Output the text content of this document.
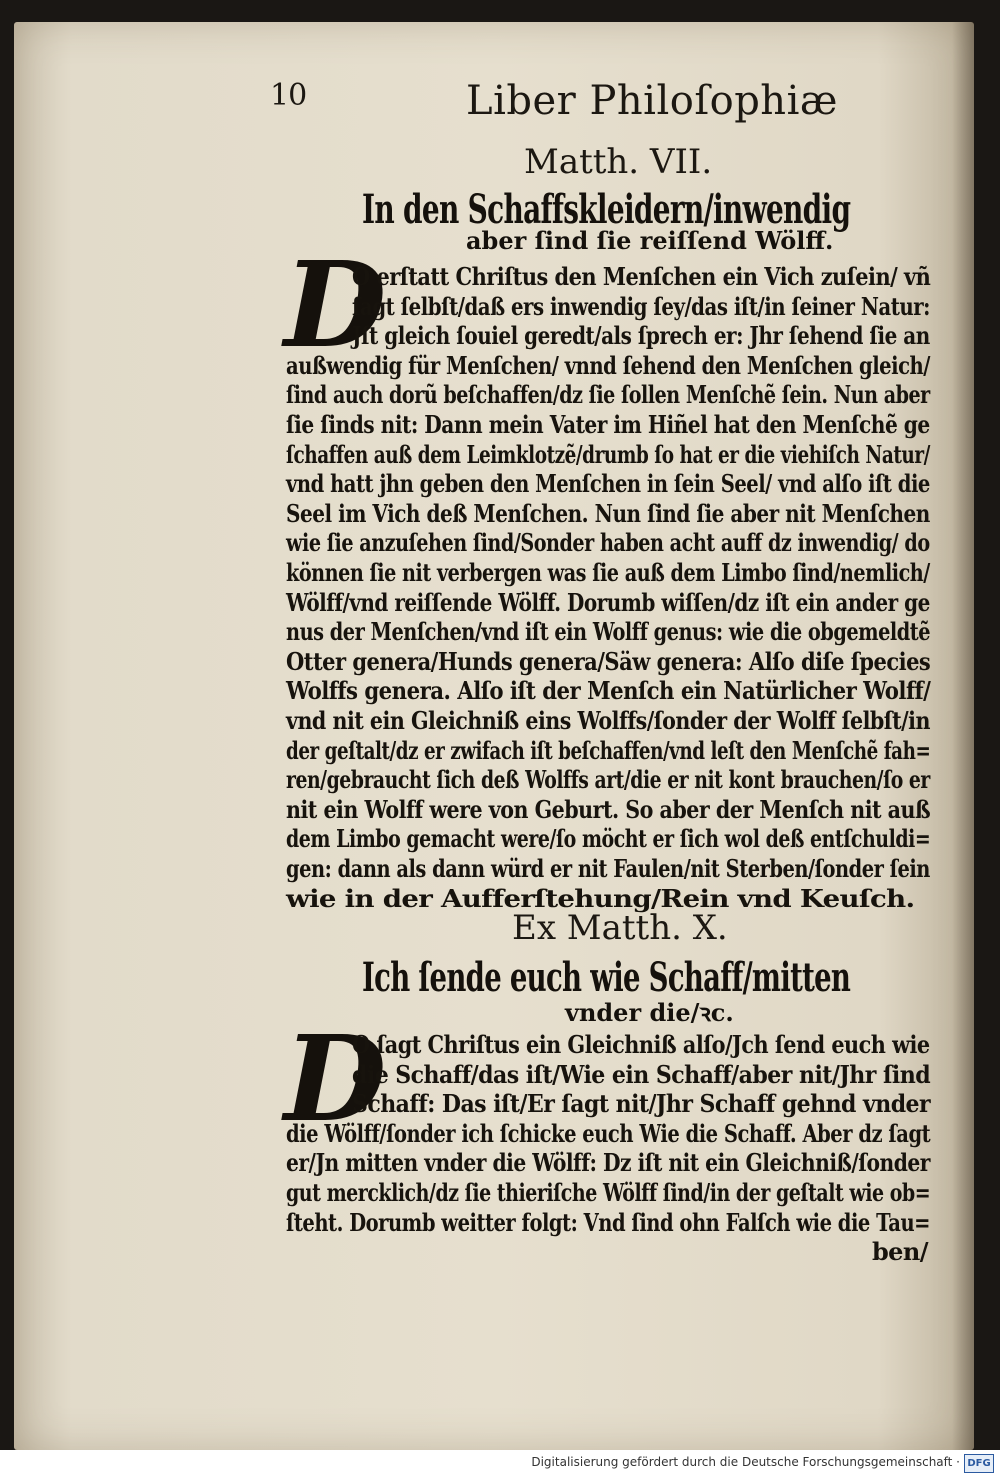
10	Liber Philoſophiæ
Matth. VII.
In den Schaffskleidern/inwendig
aber ſind ſie reiſſend Wölff.
D
O erſtatt Chriſtus den Menſchen ein Vich zuſein/ vñ
ſagt ſelbſt/daß ers inwendig ſey/das iſt/in ſeiner Natur:
Jſt gleich ſouiel geredt/als ſprech er: Jhr ſehend ſie an
außwendig für Menſchen/ vnnd ſehend den Menſchen gleich/
ſind auch dorũ beſchaffen/dz ſie ſollen Menſchẽ ſein. Nun aber
ſie ſinds nit: Dann mein Vater im Hiñel hat den Menſchẽ ge
ſchaffen auß dem Leimklotzẽ/drumb ſo hat er die viehiſch Natur/
vnd hatt jhn geben den Menſchen in ſein Seel/ vnd alſo iſt die
Seel im Vich deß Menſchen. Nun ſind ſie aber nit Menſchen
wie ſie anzuſehen ſind/Sonder haben acht auff dz inwendig/ do
können ſie nit verbergen was ſie auß dem Limbo ſind/nemlich/
Wölff/vnd reiſſende Wölff. Dorumb wiſſen/dz iſt ein ander ge
nus der Menſchen/vnd iſt ein Wolff genus: wie die obgemeldtẽ
Otter genera/Hunds genera/Säw genera: Alſo diſe ſpecies
Wolffs genera. Alſo iſt der Menſch ein Natürlicher Wolff/
vnd nit ein Gleichniß eins Wolffs/ſonder der Wolff ſelbſt/in
der geſtalt/dz er zwifach iſt beſchaffen/vnd leſt den Menſchẽ fah=
ren/gebraucht ſich deß Wolffs art/die er nit kont brauchen/ſo er
nit ein Wolff were von Geburt. So aber der Menſch nit auß
dem Limbo gemacht were/ſo möcht er ſich wol deß entſchuldi=
gen: dann als dann würd er nit Faulen/nit Sterben/ſonder ſein
wie in der Aufferſtehung/Rein vnd Keuſch.
Ex Matth. X.
Ich ſende euch wie Schaff/mitten
vnder die/ꝛc.
D
O ſagt Chriſtus ein Gleichniß alſo/Jch ſend euch wie
die Schaff/das iſt/Wie ein Schaff/aber nit/Jhr ſind
Schaff: Das iſt/Er ſagt nit/Jhr Schaff gehnd vnder
die Wölff/ſonder ich ſchicke euch Wie die Schaff. Aber dz ſagt
er/Jn mitten vnder die Wölff: Dz iſt nit ein Gleichniß/ſonder
gut mercklich/dz ſie thieriſche Wölff ſind/in der geſtalt wie ob=
ſteht. Dorumb weitter folgt: Vnd ſind ohn Falſch wie die Tau=
ben/
Digitalisierung gefördert durch die Deutsche Forschungsgemeinschaft · DFG
